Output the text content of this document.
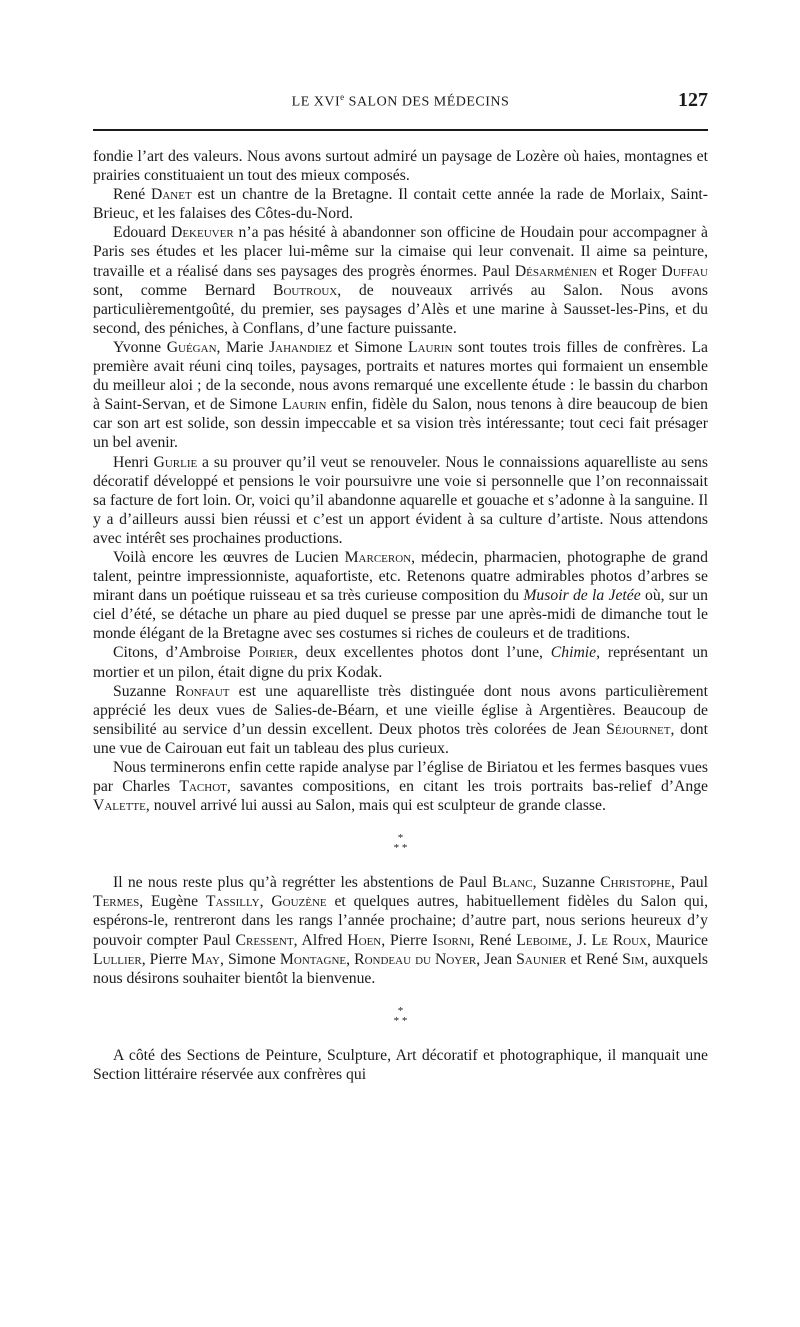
LE XVIe SALON DES MÉDECINS	127

fondie l’art des valeurs. Nous avons surtout admiré un paysage de Lozère où haies, montagnes et prairies constituaient un tout des mieux composés.

René Danet est un chantre de la Bretagne. Il contait cette année la rade de Morlaix, Saint-Brieuc, et les falaises des Côtes-du-Nord.

Edouard Dekeuver n’a pas hésité à abandonner son officine de Houdain pour accompagner à Paris ses études et les placer lui-même sur la cimaise qui leur convenait. Il aime sa peinture, travaille et a réalisé dans ses paysages des progrès énormes. Paul Désarménien et Roger Duffau sont, comme Bernard Boutroux, de nouveaux arrivés au Salon. Nous avons particulièrementgoûté, du premier, ses paysages d’Alès et une marine à Sausset-les-Pins, et du second, des péniches, à Conflans, d’une facture puissante.

Yvonne Guégan, Marie Jahandiez et Simone Laurin sont toutes trois filles de confrères. La première avait réuni cinq toiles, paysages, portraits et natures mortes qui formaient un ensemble du meilleur aloi ; de la seconde, nous avons remarqué une excellente étude : le bassin du charbon à Saint-Servan, et de Simone Laurin enfin, fidèle du Salon, nous tenons à dire beaucoup de bien car son art est solide, son dessin impeccable et sa vision très intéressante; tout ceci fait présager un bel avenir.

Henri Gurlie a su prouver qu’il veut se renouveler. Nous le connaissions aquarelliste au sens décoratif développé et pensions le voir poursuivre une voie si personnelle que l’on reconnaissait sa facture de fort loin. Or, voici qu’il abandonne aquarelle et gouache et s’adonne à la sanguine. Il y a d’ailleurs aussi bien réussi et c’est un apport évident à sa culture d’artiste. Nous attendons avec intérêt ses prochaines productions.

Voilà encore les œuvres de Lucien Marceron, médecin, pharmacien, photographe de grand talent, peintre impressionniste, aquafortiste, etc. Retenons quatre admirables photos d’arbres se mirant dans un poétique ruisseau et sa très curieuse composition du Musoir de la Jetée où, sur un ciel d’été, se détache un phare au pied duquel se presse par une après-midi de dimanche tout le monde élégant de la Bretagne avec ses costumes si riches de couleurs et de traditions.

Citons, d’Ambroise Poirier, deux excellentes photos dont l’une, Chimie, représentant un mortier et un pilon, était digne du prix Kodak.

Suzanne Ronfaut est une aquarelliste très distinguée dont nous avons particulièrement apprécié les deux vues de Salies-de-Béarn, et une vieille église à Argentières. Beaucoup de sensibilité au service d’un dessin excellent. Deux photos très colorées de Jean Séjournet, dont une vue de Cairouan eut fait un tableau des plus curieux.

Nous terminerons enfin cette rapide analyse par l’église de Biriatou et les fermes basques vues par Charles Tachot, savantes compositions, en citant les trois portraits bas-relief d’Ange Valette, nouvel arrivé lui aussi au Salon, mais qui est sculpteur de grande classe.

*
* *

Il ne nous reste plus qu’à regrétter les abstentions de Paul Blanc, Suzanne Christophe, Paul Termes, Eugène Tassilly, Gouzène et quelques autres, habituellement fidèles du Salon qui, espérons-le, rentreront dans les rangs l’année prochaine; d’autre part, nous serions heureux d’y pouvoir compter Paul Cressent, Alfred Hoen, Pierre Isorni, René Leboime, J. Le Roux, Maurice Lullier, Pierre May, Simone Montagne, Rondeau du Noyer, Jean Saunier et René Sim, auxquels nous désirons souhaiter bientôt la bienvenue.

*
* *

A côté des Sections de Peinture, Sculpture, Art décoratif et photographique, il manquait une Section littéraire réservée aux confrères qui
